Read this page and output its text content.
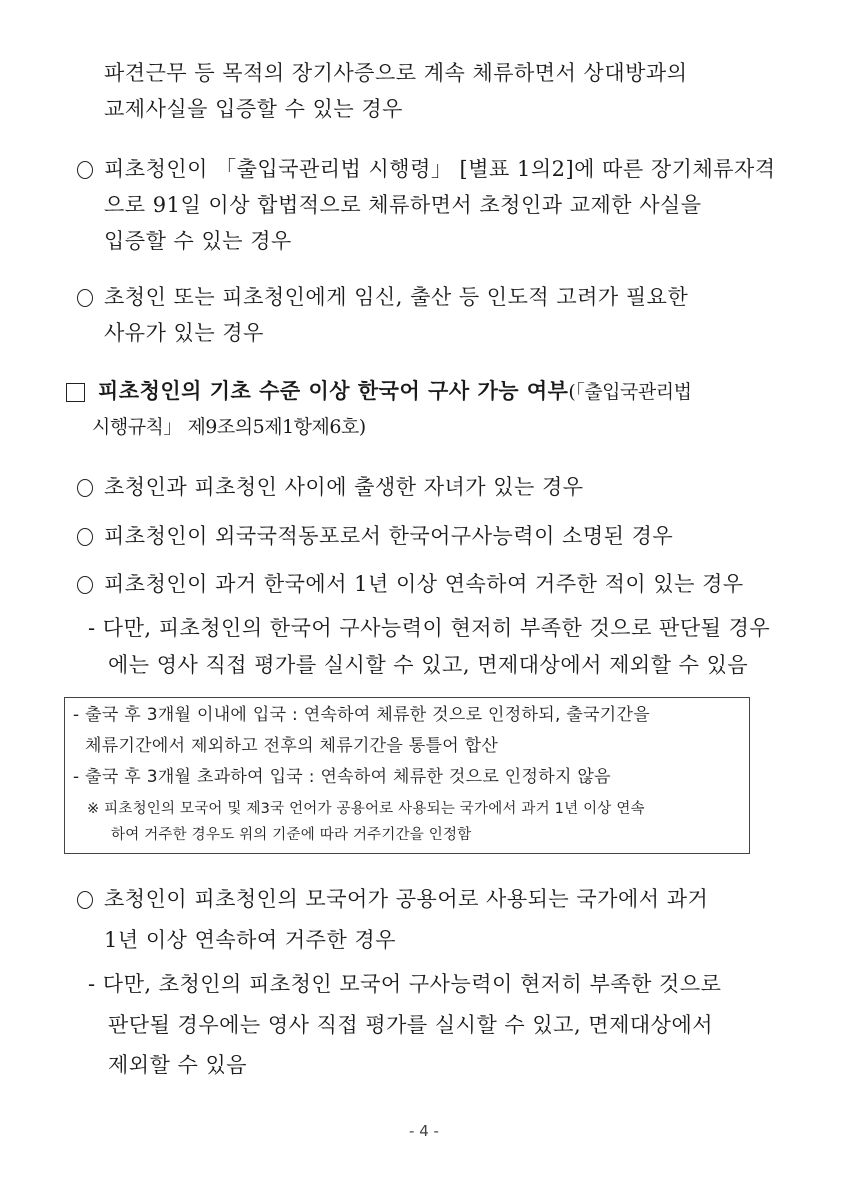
파견근무 등 목적의 장기사증으로 계속 체류하면서 상대방과의
교제사실을 입증할 수 있는 경우
피초청인이 「출입국관리법 시행령」 [별표 1의2]에 따른 장기체류자격
으로 91일 이상 합법적으로 체류하면서 초청인과 교제한 사실을
입증할 수 있는 경우
초청인 또는 피초청인에게 임신, 출산 등 인도적 고려가 필요한
사유가 있는 경우
피초청인의 기초 수준 이상 한국어 구사 가능 여부(「출입국관리법
시행규칙」 제9조의5제1항제6호)
초청인과 피초청인 사이에 출생한 자녀가 있는 경우
피초청인이 외국국적동포로서 한국어구사능력이 소명된 경우
피초청인이 과거 한국에서 1년 이상 연속하여 거주한 적이 있는 경우
- 다만, 피초청인의 한국어 구사능력이 현저히 부족한 것으로 판단될 경우
에는 영사 직접 평가를 실시할 수 있고, 면제대상에서 제외할 수 있음
- 출국 후 3개월 이내에 입국 : 연속하여 체류한 것으로 인정하되, 출국기간을
체류기간에서 제외하고 전후의 체류기간을 통틀어 합산
- 출국 후 3개월 초과하여 입국 : 연속하여 체류한 것으로 인정하지 않음
※ 피초청인의 모국어 및 제3국 언어가 공용어로 사용되는 국가에서 과거 1년 이상 연속
하여 거주한 경우도 위의 기준에 따라 거주기간을 인정함
초청인이 피초청인의 모국어가 공용어로 사용되는 국가에서 과거
1년 이상 연속하여 거주한 경우
- 다만, 초청인의 피초청인 모국어 구사능력이 현저히 부족한 것으로
판단될 경우에는 영사 직접 평가를 실시할 수 있고, 면제대상에서
제외할 수 있음
- 4 -
